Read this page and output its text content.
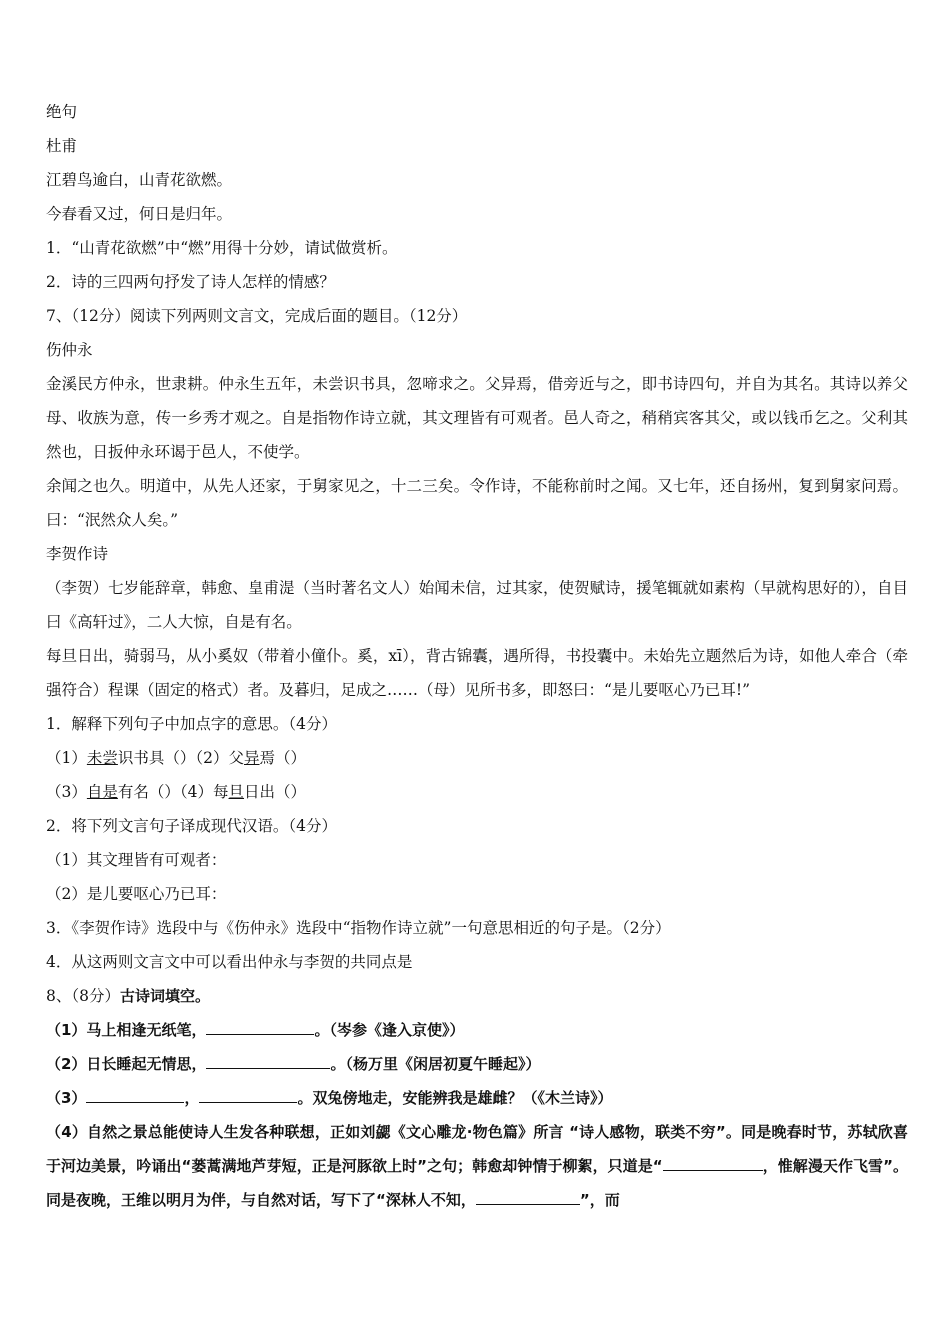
绝句
杜甫
江碧鸟逾白，山青花欲燃。
今春看又过，何日是归年。
1．“山青花欲燃”中“燃”用得十分妙，请试做赏析。
2．诗的三四两句抒发了诗人怎样的情感？
7、（12分）阅读下列两则文言文，完成后面的题目。（12分）
伤仲永
金溪民方仲永，世隶耕。仲永生五年，未尝识书具，忽啼求之。父异焉，借旁近与之，即书诗四句，并自为其名。其诗以养父母、收族为意，传一乡秀才观之。自是指物作诗立就，其文理皆有可观者。邑人奇之，稍稍宾客其父，或以钱币乞之。父利其然也，日扳仲永环谒于邑人，不使学。
余闻之也久。明道中，从先人还家，于舅家见之，十二三矣。令作诗，不能称前时之闻。又七年，还自扬州，复到舅家问焉。曰：“泯然众人矣。”
李贺作诗
（李贺）七岁能辞章，韩愈、皇甫湜（当时著名文人）始闻未信，过其家，使贺赋诗，援笔辄就如素构（早就构思好的），自目曰《高轩过》，二人大惊，自是有名。
每旦日出，骑弱马，从小奚奴（带着小僮仆。奚，xī），背古锦囊，遇所得，书投囊中。未始先立题然后为诗，如他人牵合（牵强符合）程课（固定的格式）者。及暮归，足成之……（母）见所书多，即怒曰：“是儿要呕心乃已耳!”
1．解释下列句子中加点字的意思。（4分）
（1）未尝识书具（）（2）父异焉（）
（3）自是有名（）（4）每旦日出（）
2．将下列文言句子译成现代汉语。（4分）
（1）其文理皆有可观者：
（2）是儿要呕心乃已耳：
3．《李贺作诗》选段中与《伤仲永》选段中“指物作诗立就”一句意思相近的句子是。（2分）
4．从这两则文言文中可以看出仲永与李贺的共同点是
8、（8分）古诗词填空。
（1）马上相逢无纸笔，	。（岑参《逢入京使》）
（2）日长睡起无情思，	。（杨万里《闲居初夏午睡起》）
（3）	，	。双兔傍地走，安能辨我是雄雌？（《木兰诗》）
（4）自然之景总能使诗人生发各种联想，正如刘勰《文心雕龙·物色篇》所言 “诗人感物，联类不穷”。同是晚春时节，苏轼欣喜于河边美景，吟诵出“蒌蒿满地芦芽短，正是河豚欲上时”之句；韩愈却钟情于柳絮，只道是“	，惟解漫天作飞雪”。同是夜晚，王维以明月为伴，与自然对话，写下了“深林人不知，	”，而
